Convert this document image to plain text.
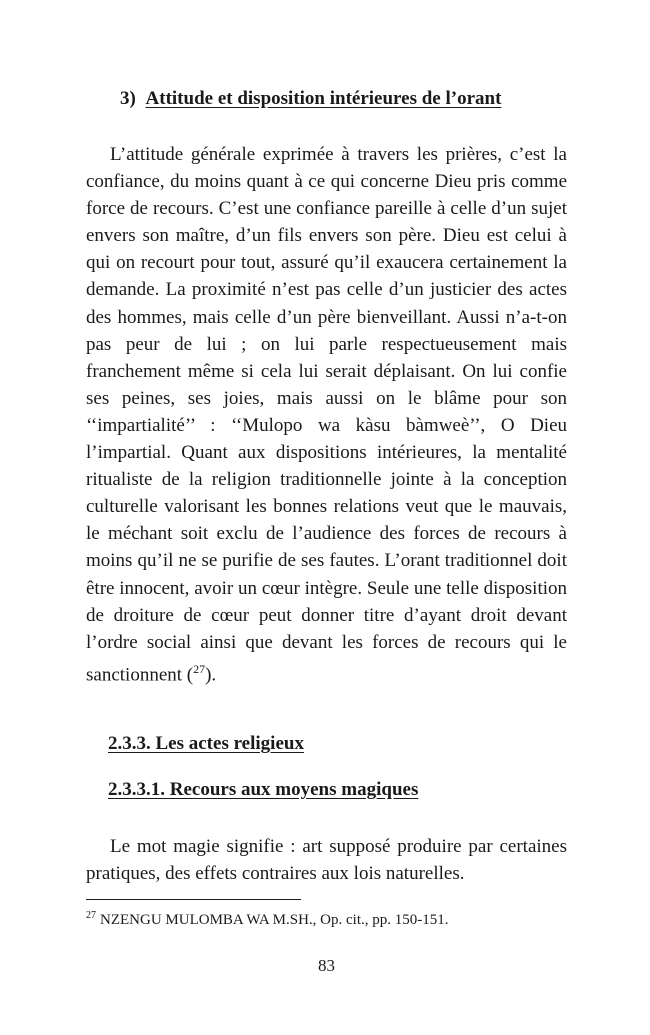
3) Attitude et disposition intérieures de l’orant

L’attitude générale exprimée à travers les prières, c’est la confiance, du moins quant à ce qui concerne Dieu pris comme force de recours. C’est une confiance pareille à celle d’un sujet envers son maître, d’un fils envers son père. Dieu est celui à qui on recourt pour tout, assuré qu’il exaucera certainement la demande. La proximité n’est pas celle d’un justicier des actes des hommes, mais celle d’un père bienveillant. Aussi n’a-t-on pas peur de lui ; on lui parle respectueusement mais franchement même si cela lui serait déplaisant. On lui confie ses peines, ses joies, mais aussi on le blâme pour son ‘‘impartialité’’ : ‘‘Mulopo wa kàsu bàmweè’’, O Dieu l’impartial. Quant aux dispositions intérieures, la mentalité ritualiste de la religion traditionnelle jointe à la conception culturelle valorisant les bonnes relations veut que le mauvais, le méchant soit exclu de l’audience des forces de recours à moins qu’il ne se purifie de ses fautes. L’orant traditionnel doit être innocent, avoir un cœur intègre. Seule une telle disposition de droiture de cœur peut donner titre d’ayant droit devant l’ordre social ainsi que devant les forces de recours qui le sanctionnent ($^{27}$).

2.3.3. Les actes religieux
2.3.3.1. Recours aux moyens magiques

Le mot magie signifie : art supposé produire par certaines pratiques, des effets contraires aux lois naturelles.

$^{27}$ NZENGU MULOMBA WA M.SH., Op. cit., pp. 150-151.
83
